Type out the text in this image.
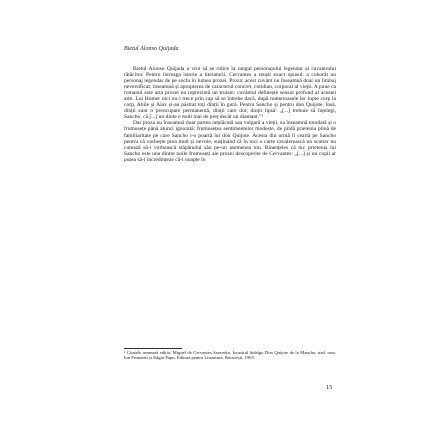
Bietul Alonso Quijada

Bietul Alonso Quijada a vrut să se ridice la rangul personajului legendar al cavalerului rătăcitor. Pentru întreaga istorie a literaturii, Cervantes a reușit exact opusul: a coborât un personaj legendar de pe soclu în lumea prozei. Proza: acest cuvânt nu înseamnă doar un limbaj neversificat; înseamnă și apropierea de caracterul concret, cotidian, corporal al vieții. A pune ca romanul este arta prozei nu reprezintă un truism: cuvântul definește sensul profund al acestei arte. Lui Homer nici nu-i trece prin cap să se întrebe dacă, după numeroasele lor lupte corp la corp, Ahile și Aiax și-au păstrat toți dinții în gură. Pentru Sancho și pentru don Quijote, însă, dinții sunt o preocupare permanentă, dinții care dor, dinții lipsă: „[...] trebuie să înțelegi, Sancho, că [...] un dinte e mult mai de preț decât un diamant.”¹

Dar proza nu înseamnă doar partea neplăcută sau vulgară a vieții, ea înseamnă totodată și o frumusețe până atunci ignorată: frumusețea sentimentelor modeste, de pildă prietenia plină de familiaritate pe care Sancho i-o poartă lui don Quijote. Acesta din urmă îl ceartă pe Sancho pentru că vorbește prea mult și nevoie, susținând că în nici o carte cavalerească un scutier nu cutează să-i vorbească stăpânului său pe-un asemenea ton. Binențeles că nu: prietenia lui Sancho este una dintre noile frumuseți ale prozei descoperite de Cervantes: „[...] și un copil ar putea să-l încredințeze că-i noapte în

¹ Citatele urmează ediția: Miguel de Cervantes Saavedra, Iscusitul hidalgo Don Quijote de la Mancha, trad. rom. Ion Frunzetti și Edgar Papu, Editura pentru Literatură, București, 1965.
15
